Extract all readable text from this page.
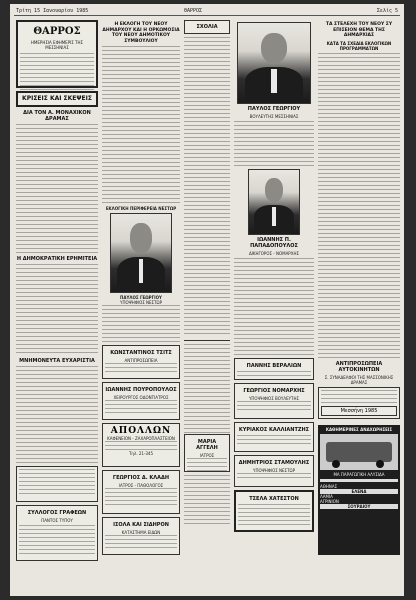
Τρίτη 15 Ιανουαρίου 1985	ΘΑΡΡΟΣ	Σελίς 5
ΘΑΡΡΟΣ
ΗΜΕΡΗΣΙΑ ΕΦΗΜΕΡΙΣ ΤΗΣ ΜΕΣΣΗΝΙΑΣ
ΚΡΙΣΕΙΣ ΚΑΙ ΣΚΕΨΕΙΣ
ΔΙΑ ΤΟΝ Α. ΜΟΝΑΧΙΚΟΝ ΔΡΑΜΑΣ
Η ΔΗΜΟΚΡΑΤΙΚΗ ΕΡΗΜΙΤΕΙΑ
ΜΝΗΜΟΝΕΥΤΑ ΕΥΧΑΡΙΣΤΙΑ
ΣΥΛΛΟΓΟΣ ΓΡΑΦΕΩΝ
ΠΑΝΤΟΣ ΤΥΠΟΥ
Η ΕΚΛΟΓΗ ΤΟΥ ΝΕΟΥ ΔΗΜΑΡΧΟΥ ΚΑΙ Η ΟΡΚΩΜΟΣΙΑ ΤΟΥ ΝΕΟΥ ΔΗΜΟΤΙΚΟΥ ΣΥΜΒΟΥΛΙΟΥ
ΕΚΛΟΓΙΚΗ ΠΕΡΙΦΕΡΕΙΑ ΝΕΣΤΩΡ
ΠΑΥΛΟΣ ΓΕΩΡΓΙΟΥ
ΥΠΟΨΗΦΙΟΣ ΝΕΣΤΩΡ
ΚΩΝΣΤΑΝΤΙΝΟΣ ΤΣΙΤΣ
ΑΝΤΙΠΡΟΣΩΠΕΙΑ
ΙΩΑΝΝΗΣ ΠΟΥΡΟΠΟΥΛΟΣ
ΧΕΙΡΟΥΡΓΟΣ ΟΔΟΝΤΙΑΤΡΟΣ
ΑΠΟΛΛΩΝ
ΚΑΦΕΝΕΙΟΝ - ΖΑΧΑΡΟΠΛΑΣΤΕΙΟΝ
Τηλ. 21-345
ΓΕΩΡΓΙΟΣ Δ. ΚΛΑΔΗ
ΙΑΤΡΟΣ - ΠΑΘΟΛΟΓΟΣ
ΙΣΟΛΑ ΚΑΙ ΣΙΔΗΡΟΝ
ΚΑΤΑΣΤΗΜΑ ΕΙΔΩΝ
ΣΧΟΛΙΑ
ΜΑΡΙΑ ΑΓΓΕΛΗ
ΙΑΤΡΟΣ
ΠΑΥΛΟΣ ΓΕΩΡΓΙΟΥ
ΒΟΥΛΕΥΤΗΣ ΜΕΣΣΗΝΙΑΣ
ΙΩΑΝΝΗΣ Π. ΠΑΠΑΔΟΠΟΥΛΟΣ
ΔΙΚΗΓΟΡΟΣ - ΝΟΜΑΡΧΗΣ
ΠΑΝΝΗΣ ΒΕΡΑΛΙΩΝ
ΓΕΩΡΓΙΟΣ ΝΟΜΑΡΧΗΣ
ΥΠΟΨΗΦΙΟΣ ΒΟΥΛΕΥΤΗΣ
ΚΥΡΙΑΚΟΣ ΚΑΛΛΙΑΝΤΖΗΣ
ΔΗΜΗΤΡΙΟΣ ΣΤΑΜΟΥΛΗΣ
ΥΠΟΨΗΦΙΟΣ ΝΕΣΤΩΡ
ΤΣΕΛΑ ΧΑΤΕΣΤΟΝ
ΤΑ ΣΤΕΛΕΧΗ ΤΟΥ ΝΕΟΥ ΣΥ ΕΠΙΣΕΙΟΝ ΘΕΜΑ ΤΗΣ ΔΗΜΑΡΧΙΑΣ
ΚΑΤΑ ΤΑ ΣΧΕΔΙΑ ΕΚΛΟΓΙΚΩΝ ΠΡΟΓΡΑΜΜΑΤΩΝ
ΑΝΤΙΠΡΟΣΩΠΕΙΑ ΑΥΤΟΚΙΝΗΤΩΝ
Σ. ΣΥΝΑΔΕΛΦΟΙ ΤΗΣ ΜΑΣΣΟΝΙΚΗΣ ΔΡΑΜΑΣ
Μεσσήνη 1985
ΚΑΘΗΜΕΡΙΝΕΣ ΑΝΑΧΩΡΗΣΕΙΣ
ΜΑ ΠΑΡΑΓΩΓΙΚΗ ΑΛΥΣΙΔΑ
ΑΘΗΝΑΣ
ΕΛΕΝΑ
ΛΑΜΙΑ
ΑΓΡΙΝΙΟΝ
ΣΟΥΡΔΙΟΥ
